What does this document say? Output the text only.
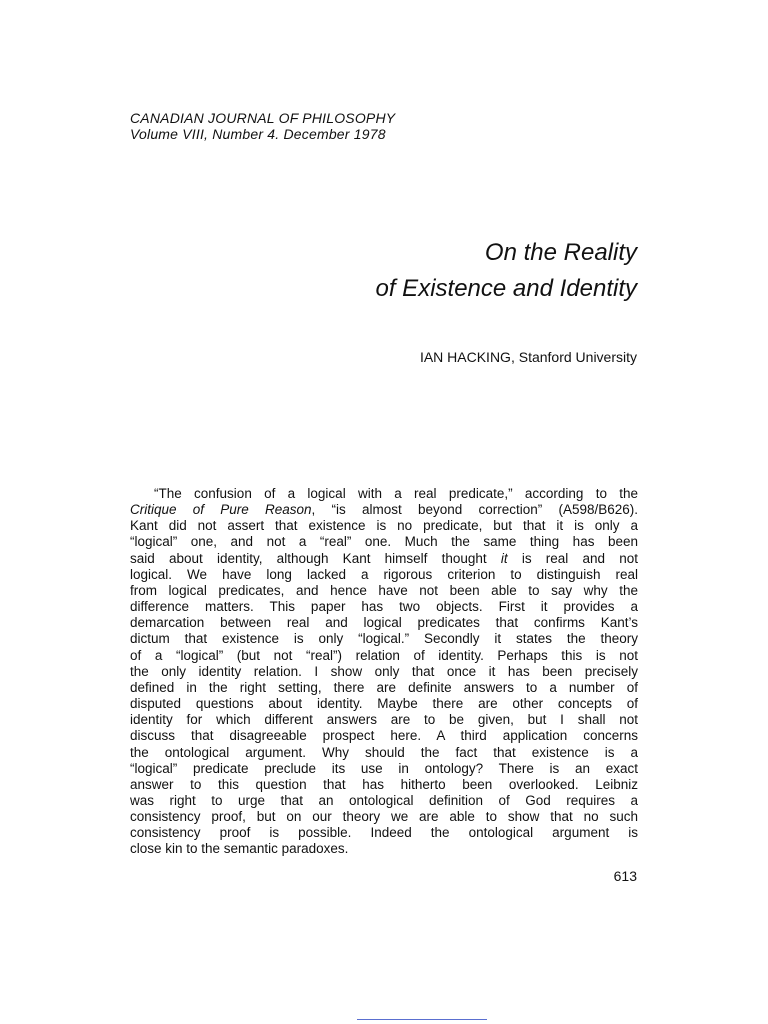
CANADIAN JOURNAL OF PHILOSOPHY
Volume VIII, Number 4. December 1978
On the Reality
of Existence and Identity
IAN HACKING, Stanford University
“The confusion of a logical with a real predicate,” according to the
Critique of Pure Reason, “is almost beyond correction” (A598/B626).
Kant did not assert that existence is no predicate, but that it is only a
“logical” one, and not a “real” one. Much the same thing has been
said about identity, although Kant himself thought it is real and not
logical. We have long lacked a rigorous criterion to distinguish real
from logical predicates, and hence have not been able to say why the
difference matters. This paper has two objects. First it provides a
demarcation between real and logical predicates that confirms Kant’s
dictum that existence is only “logical.” Secondly it states the theory
of a “logical” (but not “real”) relation of identity. Perhaps this is not
the only identity relation. I show only that once it has been precisely
defined in the right setting, there are definite answers to a number of
disputed questions about identity. Maybe there are other concepts of
identity for which different answers are to be given, but I shall not
discuss that disagreeable prospect here. A third application concerns
the ontological argument. Why should the fact that existence is a
“logical” predicate preclude its use in ontology? There is an exact
answer to this question that has hitherto been overlooked. Leibniz
was right to urge that an ontological definition of God requires a
consistency proof, but on our theory we are able to show that no such
consistency proof is possible. Indeed the ontological argument is
close kin to the semantic paradoxes.
613
